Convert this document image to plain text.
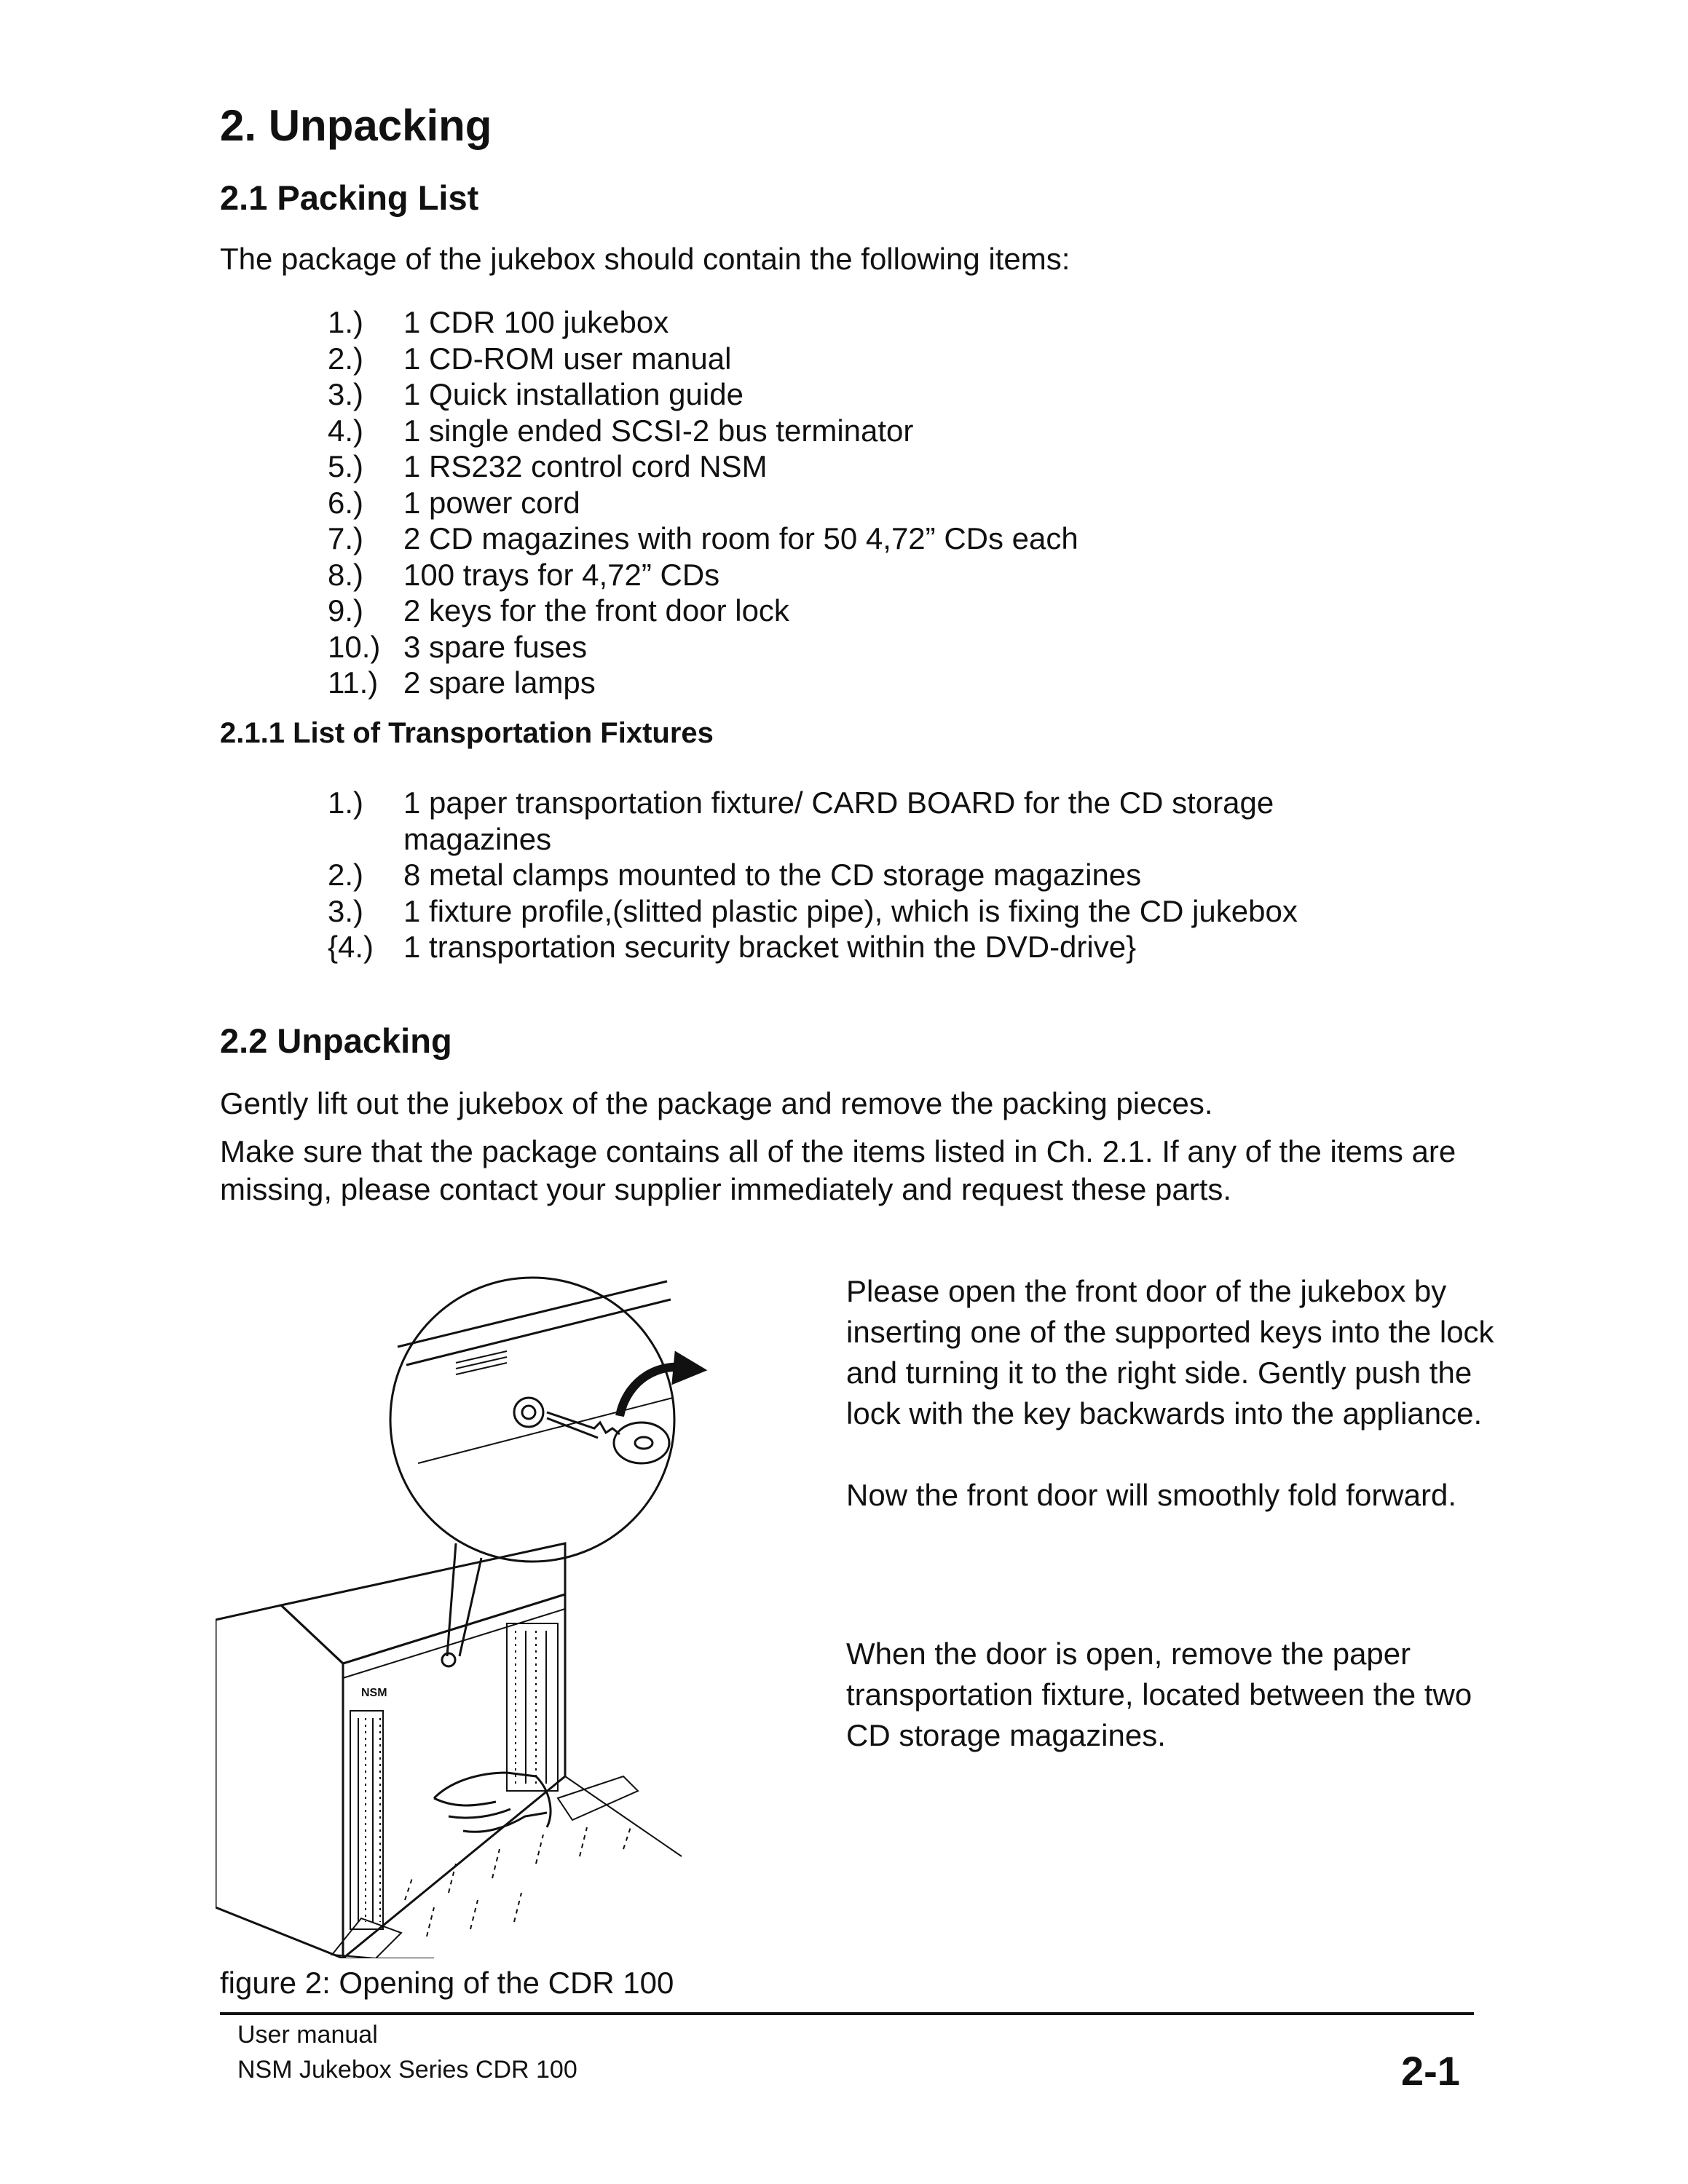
2. Unpacking
2.1 Packing List
The package of the jukebox should contain the following items:
1.)	1 CDR 100 jukebox
2.)	1 CD-ROM user manual
3.)	1 Quick installation guide
4.)	1 single ended SCSI-2 bus terminator
5.)	1 RS232 control cord NSM
6.)	1 power cord
7.)	2 CD magazines with room for 50 4,72” CDs each
8.)	100 trays for 4,72” CDs
9.)	2 keys for the front door lock
10.) 3 spare fuses
11.) 2 spare lamps
2.1.1 List of Transportation Fixtures
1.)	1 paper transportation fixture/ CARD BOARD for the CD storage magazines
2.)	8 metal clamps mounted to the CD storage magazines
3.)	1 fixture profile,(slitted plastic pipe), which is fixing the CD jukebox
{4.) 1 transportation security bracket within the DVD-drive}
2.2 Unpacking
Gently lift out the jukebox of the package and remove the packing pieces.
Make sure that the package contains all of the items listed in Ch. 2.1. If any of the items are missing, please contact your supplier immediately and request these parts.
Please open the front door of the jukebox by inserting one of the supported keys into the lock and turning it to the right side. Gently push the lock with the key backwards into the appliance.
Now the front door will smoothly fold forward.
When the door is open, remove the paper transportation fixture, located between the two CD storage magazines.
NSM
figure 2: Opening of the CDR 100
User manual
NSM Jukebox Series CDR 100	2-1
